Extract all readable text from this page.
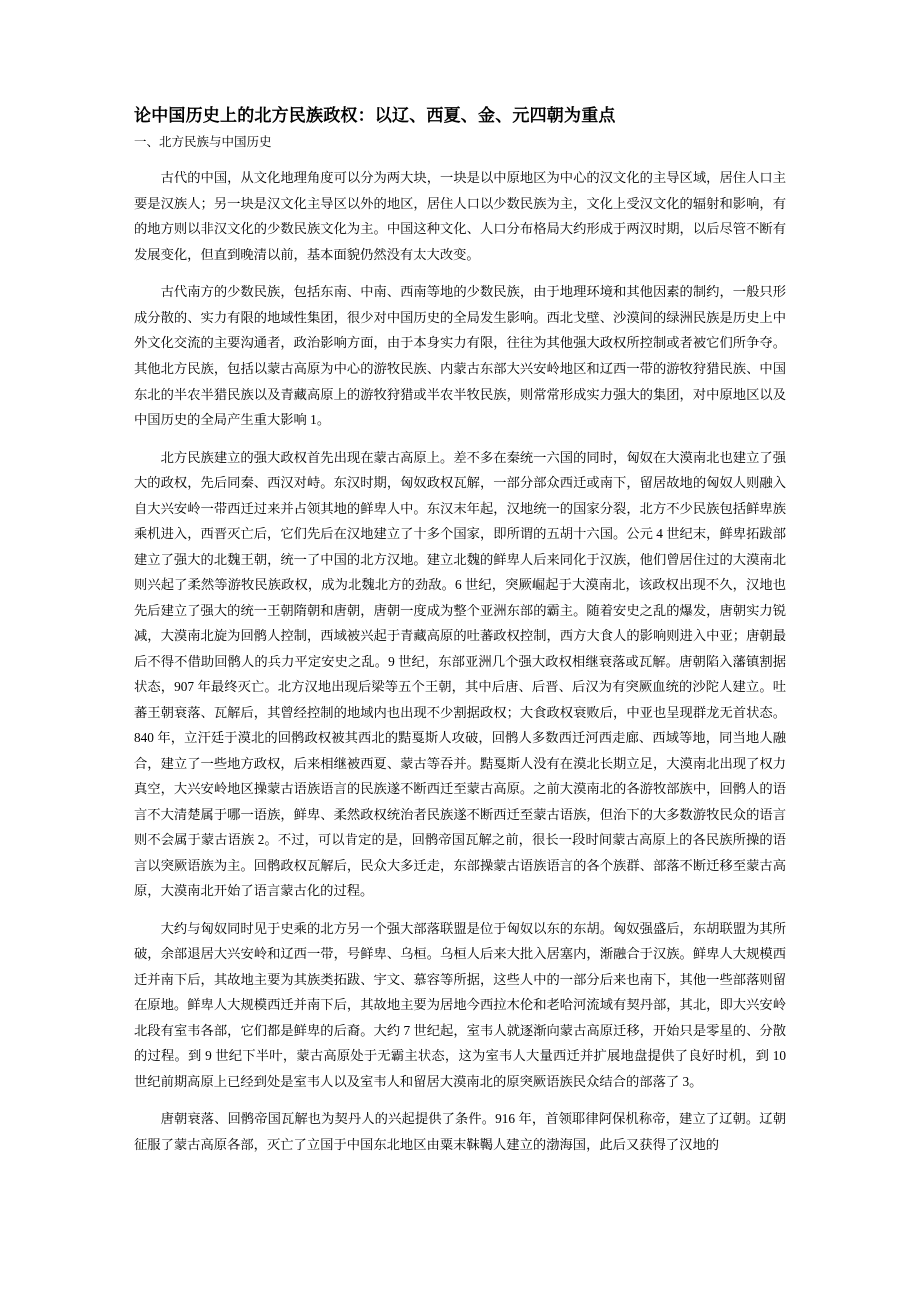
论中国历史上的北方民族政权：以辽、西夏、金、元四朝为重点
一、北方民族与中国历史

古代的中国，从文化地理角度可以分为两大块，一块是以中原地区为中心的汉文化的主导区域，居住人口主要是汉族人；另一块是汉文化主导区以外的地区，居住人口以少数民族为主，文化上受汉文化的辐射和影响，有的地方则以非汉文化的少数民族文化为主。中国这种文化、人口分布格局大约形成于两汉时期，以后尽管不断有发展变化，但直到晚清以前，基本面貌仍然没有太大改变。

古代南方的少数民族，包括东南、中南、西南等地的少数民族，由于地理环境和其他因素的制约，一般只形成分散的、实力有限的地域性集团，很少对中国历史的全局发生影响。西北戈壁、沙漠间的绿洲民族是历史上中外文化交流的主要沟通者，政治影响方面，由于本身实力有限，往往为其他强大政权所控制或者被它们所争夺。其他北方民族，包括以蒙古高原为中心的游牧民族、内蒙古东部大兴安岭地区和辽西一带的游牧狩猎民族、中国东北的半农半猎民族以及青藏高原上的游牧狩猎或半农半牧民族，则常常形成实力强大的集团，对中原地区以及中国历史的全局产生重大影响 1。

北方民族建立的强大政权首先出现在蒙古高原上。差不多在秦统一六国的同时，匈奴在大漠南北也建立了强大的政权，先后同秦、西汉对峙。东汉时期，匈奴政权瓦解，一部分部众西迁或南下，留居故地的匈奴人则融入自大兴安岭一带西迁过来并占领其地的鲜卑人中。东汉末年起，汉地统一的国家分裂，北方不少民族包括鲜卑族乘机进入，西晋灭亡后，它们先后在汉地建立了十多个国家，即所谓的五胡十六国。公元 4 世纪末，鲜卑拓跋部建立了强大的北魏王朝，统一了中国的北方汉地。建立北魏的鲜卑人后来同化于汉族，他们曾居住过的大漠南北则兴起了柔然等游牧民族政权，成为北魏北方的劲敌。6 世纪，突厥崛起于大漠南北，该政权出现不久，汉地也先后建立了强大的统一王朝隋朝和唐朝，唐朝一度成为整个亚洲东部的霸主。随着安史之乱的爆发，唐朝实力锐减，大漠南北旋为回鹘人控制，西域被兴起于青藏高原的吐蕃政权控制，西方大食人的影响则进入中亚；唐朝最后不得不借助回鹘人的兵力平定安史之乱。9 世纪，东部亚洲几个强大政权相继衰落或瓦解。唐朝陷入藩镇割据状态，907 年最终灭亡。北方汉地出现后梁等五个王朝，其中后唐、后晋、后汉为有突厥血统的沙陀人建立。吐蕃王朝衰落、瓦解后，其曾经控制的地域内也出现不少割据政权；大食政权衰败后，中亚也呈现群龙无首状态。840 年，立汗廷于漠北的回鹘政权被其西北的黠戛斯人攻破，回鹘人多数西迁河西走廊、西域等地，同当地人融合，建立了一些地方政权，后来相继被西夏、蒙古等吞并。黠戛斯人没有在漠北长期立足，大漠南北出现了权力真空，大兴安岭地区操蒙古语族语言的民族遂不断西迁至蒙古高原。之前大漠南北的各游牧部族中，回鹘人的语言不大清楚属于哪一语族，鲜卑、柔然政权统治者民族遂不断西迁至蒙古语族，但治下的大多数游牧民众的语言则不会属于蒙古语族 2。不过，可以肯定的是，回鹘帝国瓦解之前，很长一段时间蒙古高原上的各民族所操的语言以突厥语族为主。回鹘政权瓦解后，民众大多迁走，东部操蒙古语族语言的各个族群、部落不断迁移至蒙古高原，大漠南北开始了语言蒙古化的过程。

大约与匈奴同时见于史乘的北方另一个强大部落联盟是位于匈奴以东的东胡。匈奴强盛后，东胡联盟为其所破，余部退居大兴安岭和辽西一带，号鲜卑、乌桓。乌桓人后来大批入居塞内，渐融合于汉族。鲜卑人大规模西迁并南下后，其故地主要为其族类拓跋、宇文、慕容等所据，这些人中的一部分后来也南下，其他一些部落则留在原地。鲜卑人大规模西迁并南下后，其故地主要为居地今西拉木伦和老哈河流域有契丹部，其北，即大兴安岭北段有室韦各部，它们都是鲜卑的后裔。大约 7 世纪起，室韦人就逐渐向蒙古高原迁移，开始只是零星的、分散的过程。到 9 世纪下半叶，蒙古高原处于无霸主状态，这为室韦人大量西迁并扩展地盘提供了良好时机，到 10 世纪前期高原上已经到处是室韦人以及室韦人和留居大漠南北的原突厥语族民众结合的部落了 3。

唐朝衰落、回鹘帝国瓦解也为契丹人的兴起提供了条件。916 年，首领耶律阿保机称帝，建立了辽朝。辽朝征服了蒙古高原各部，灭亡了立国于中国东北地区由粟末靺鞨人建立的渤海国，此后又获得了汉地的
